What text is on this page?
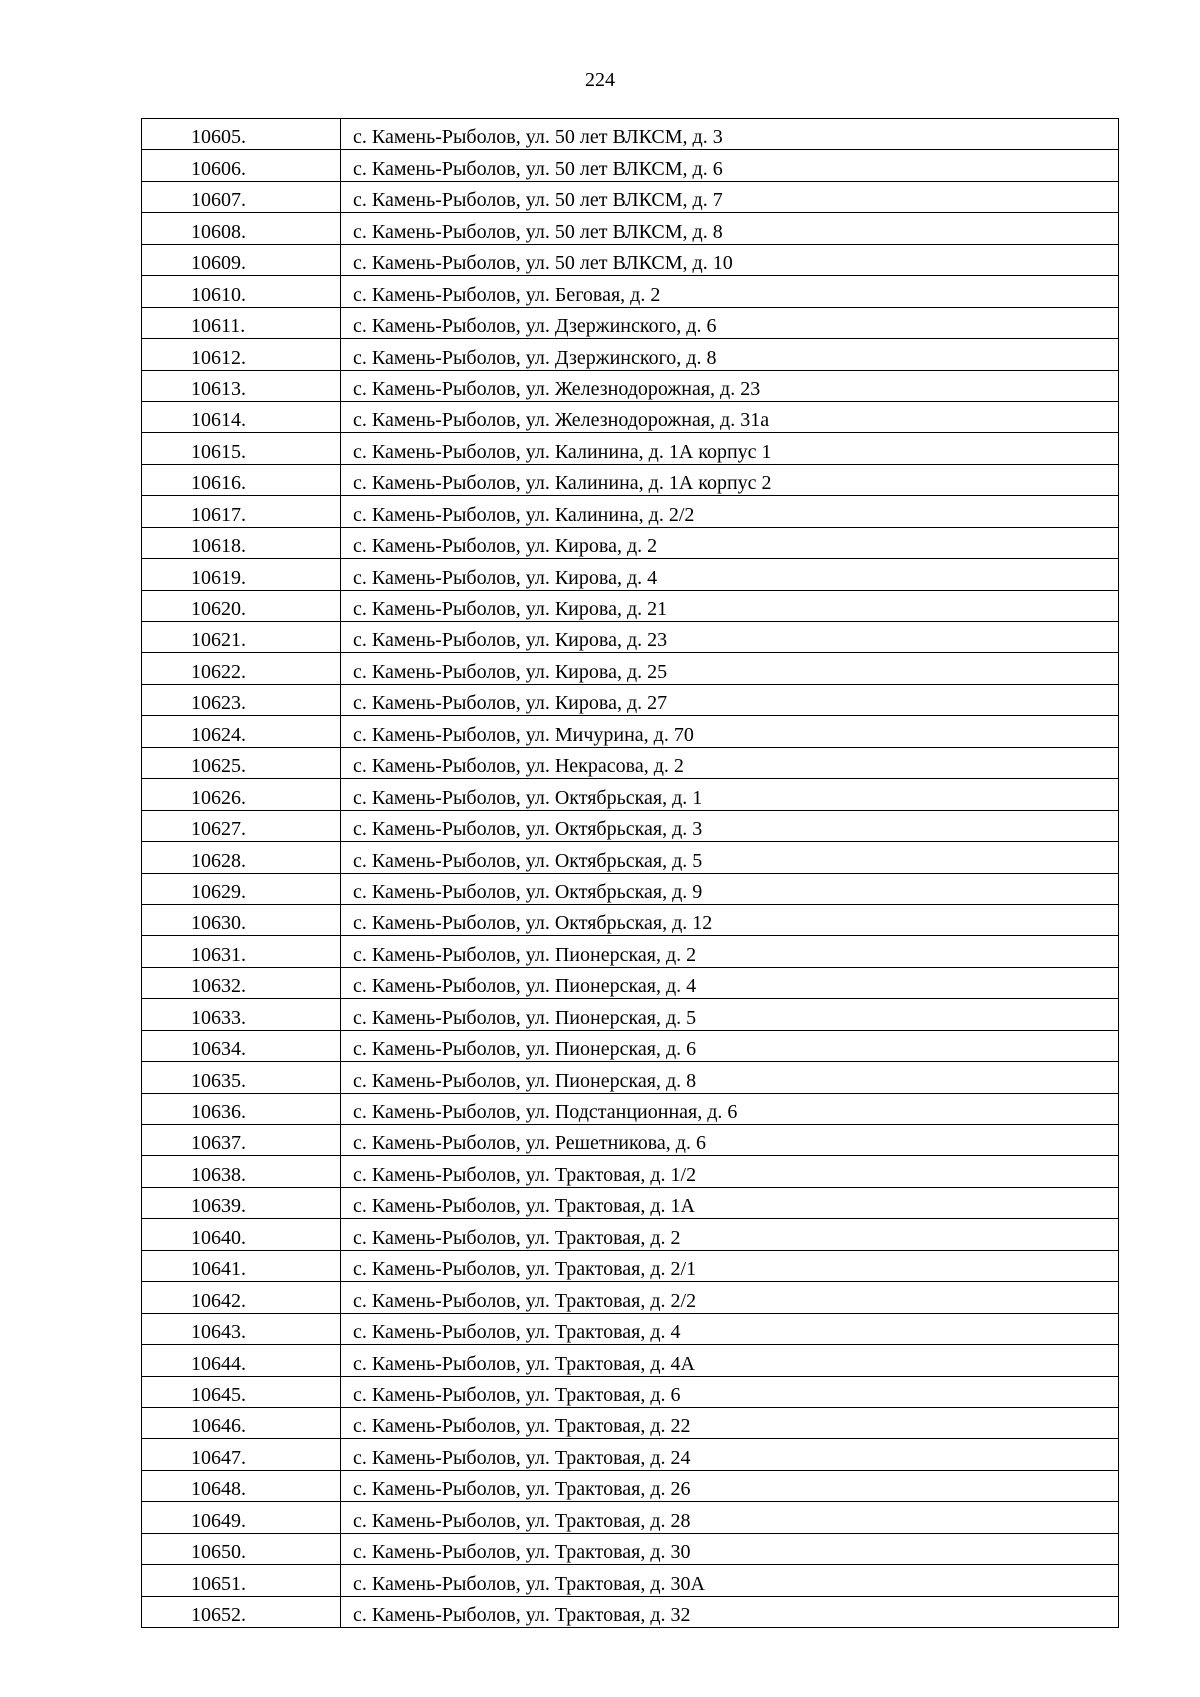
224
10605.	с. Камень-Рыболов, ул. 50 лет ВЛКСМ, д. 3

10606.	с. Камень-Рыболов, ул. 50 лет ВЛКСМ, д. 6

10607.	с. Камень-Рыболов, ул. 50 лет ВЛКСМ, д. 7

10608.	с. Камень-Рыболов, ул. 50 лет ВЛКСМ, д. 8

10609.	с. Камень-Рыболов, ул. 50 лет ВЛКСМ, д. 10

10610.	с. Камень-Рыболов, ул. Беговая, д. 2

10611.	с. Камень-Рыболов, ул. Дзержинского, д. 6

10612.	с. Камень-Рыболов, ул. Дзержинского, д. 8

10613.	с. Камень-Рыболов, ул. Железнодорожная, д. 23

10614.	с. Камень-Рыболов, ул. Железнодорожная, д. 31а

10615.	с. Камень-Рыболов, ул. Калинина, д. 1А корпус 1

10616.	с. Камень-Рыболов, ул. Калинина, д. 1А корпус 2

10617.	с. Камень-Рыболов, ул. Калинина, д. 2/2

10618.	с. Камень-Рыболов, ул. Кирова, д. 2

10619.	с. Камень-Рыболов, ул. Кирова, д. 4

10620.	с. Камень-Рыболов, ул. Кирова, д. 21

10621.	с. Камень-Рыболов, ул. Кирова, д. 23

10622.	с. Камень-Рыболов, ул. Кирова, д. 25

10623.	с. Камень-Рыболов, ул. Кирова, д. 27

10624.	с. Камень-Рыболов, ул. Мичурина, д. 70

10625.	с. Камень-Рыболов, ул. Некрасова, д. 2

10626.	с. Камень-Рыболов, ул. Октябрьская, д. 1

10627.	с. Камень-Рыболов, ул. Октябрьская, д. 3

10628.	с. Камень-Рыболов, ул. Октябрьская, д. 5

10629.	с. Камень-Рыболов, ул. Октябрьская, д. 9

10630.	с. Камень-Рыболов, ул. Октябрьская, д. 12

10631.	с. Камень-Рыболов, ул. Пионерская, д. 2

10632.	с. Камень-Рыболов, ул. Пионерская, д. 4

10633.	с. Камень-Рыболов, ул. Пионерская, д. 5

10634.	с. Камень-Рыболов, ул. Пионерская, д. 6

10635.	с. Камень-Рыболов, ул. Пионерская, д. 8

10636.	с. Камень-Рыболов, ул. Подстанционная, д. 6

10637.	с. Камень-Рыболов, ул. Решетникова, д. 6

10638.	с. Камень-Рыболов, ул. Трактовая, д. 1/2

10639.	с. Камень-Рыболов, ул. Трактовая, д. 1А

10640.	с. Камень-Рыболов, ул. Трактовая, д. 2

10641.	с. Камень-Рыболов, ул. Трактовая, д. 2/1

10642.	с. Камень-Рыболов, ул. Трактовая, д. 2/2

10643.	с. Камень-Рыболов, ул. Трактовая, д. 4

10644.	с. Камень-Рыболов, ул. Трактовая, д. 4А

10645.	с. Камень-Рыболов, ул. Трактовая, д. 6

10646.	с. Камень-Рыболов, ул. Трактовая, д. 22

10647.	с. Камень-Рыболов, ул. Трактовая, д. 24

10648.	с. Камень-Рыболов, ул. Трактовая, д. 26

10649.	с. Камень-Рыболов, ул. Трактовая, д. 28

10650.	с. Камень-Рыболов, ул. Трактовая, д. 30

10651.	с. Камень-Рыболов, ул. Трактовая, д. 30А

10652.	с. Камень-Рыболов, ул. Трактовая, д. 32
